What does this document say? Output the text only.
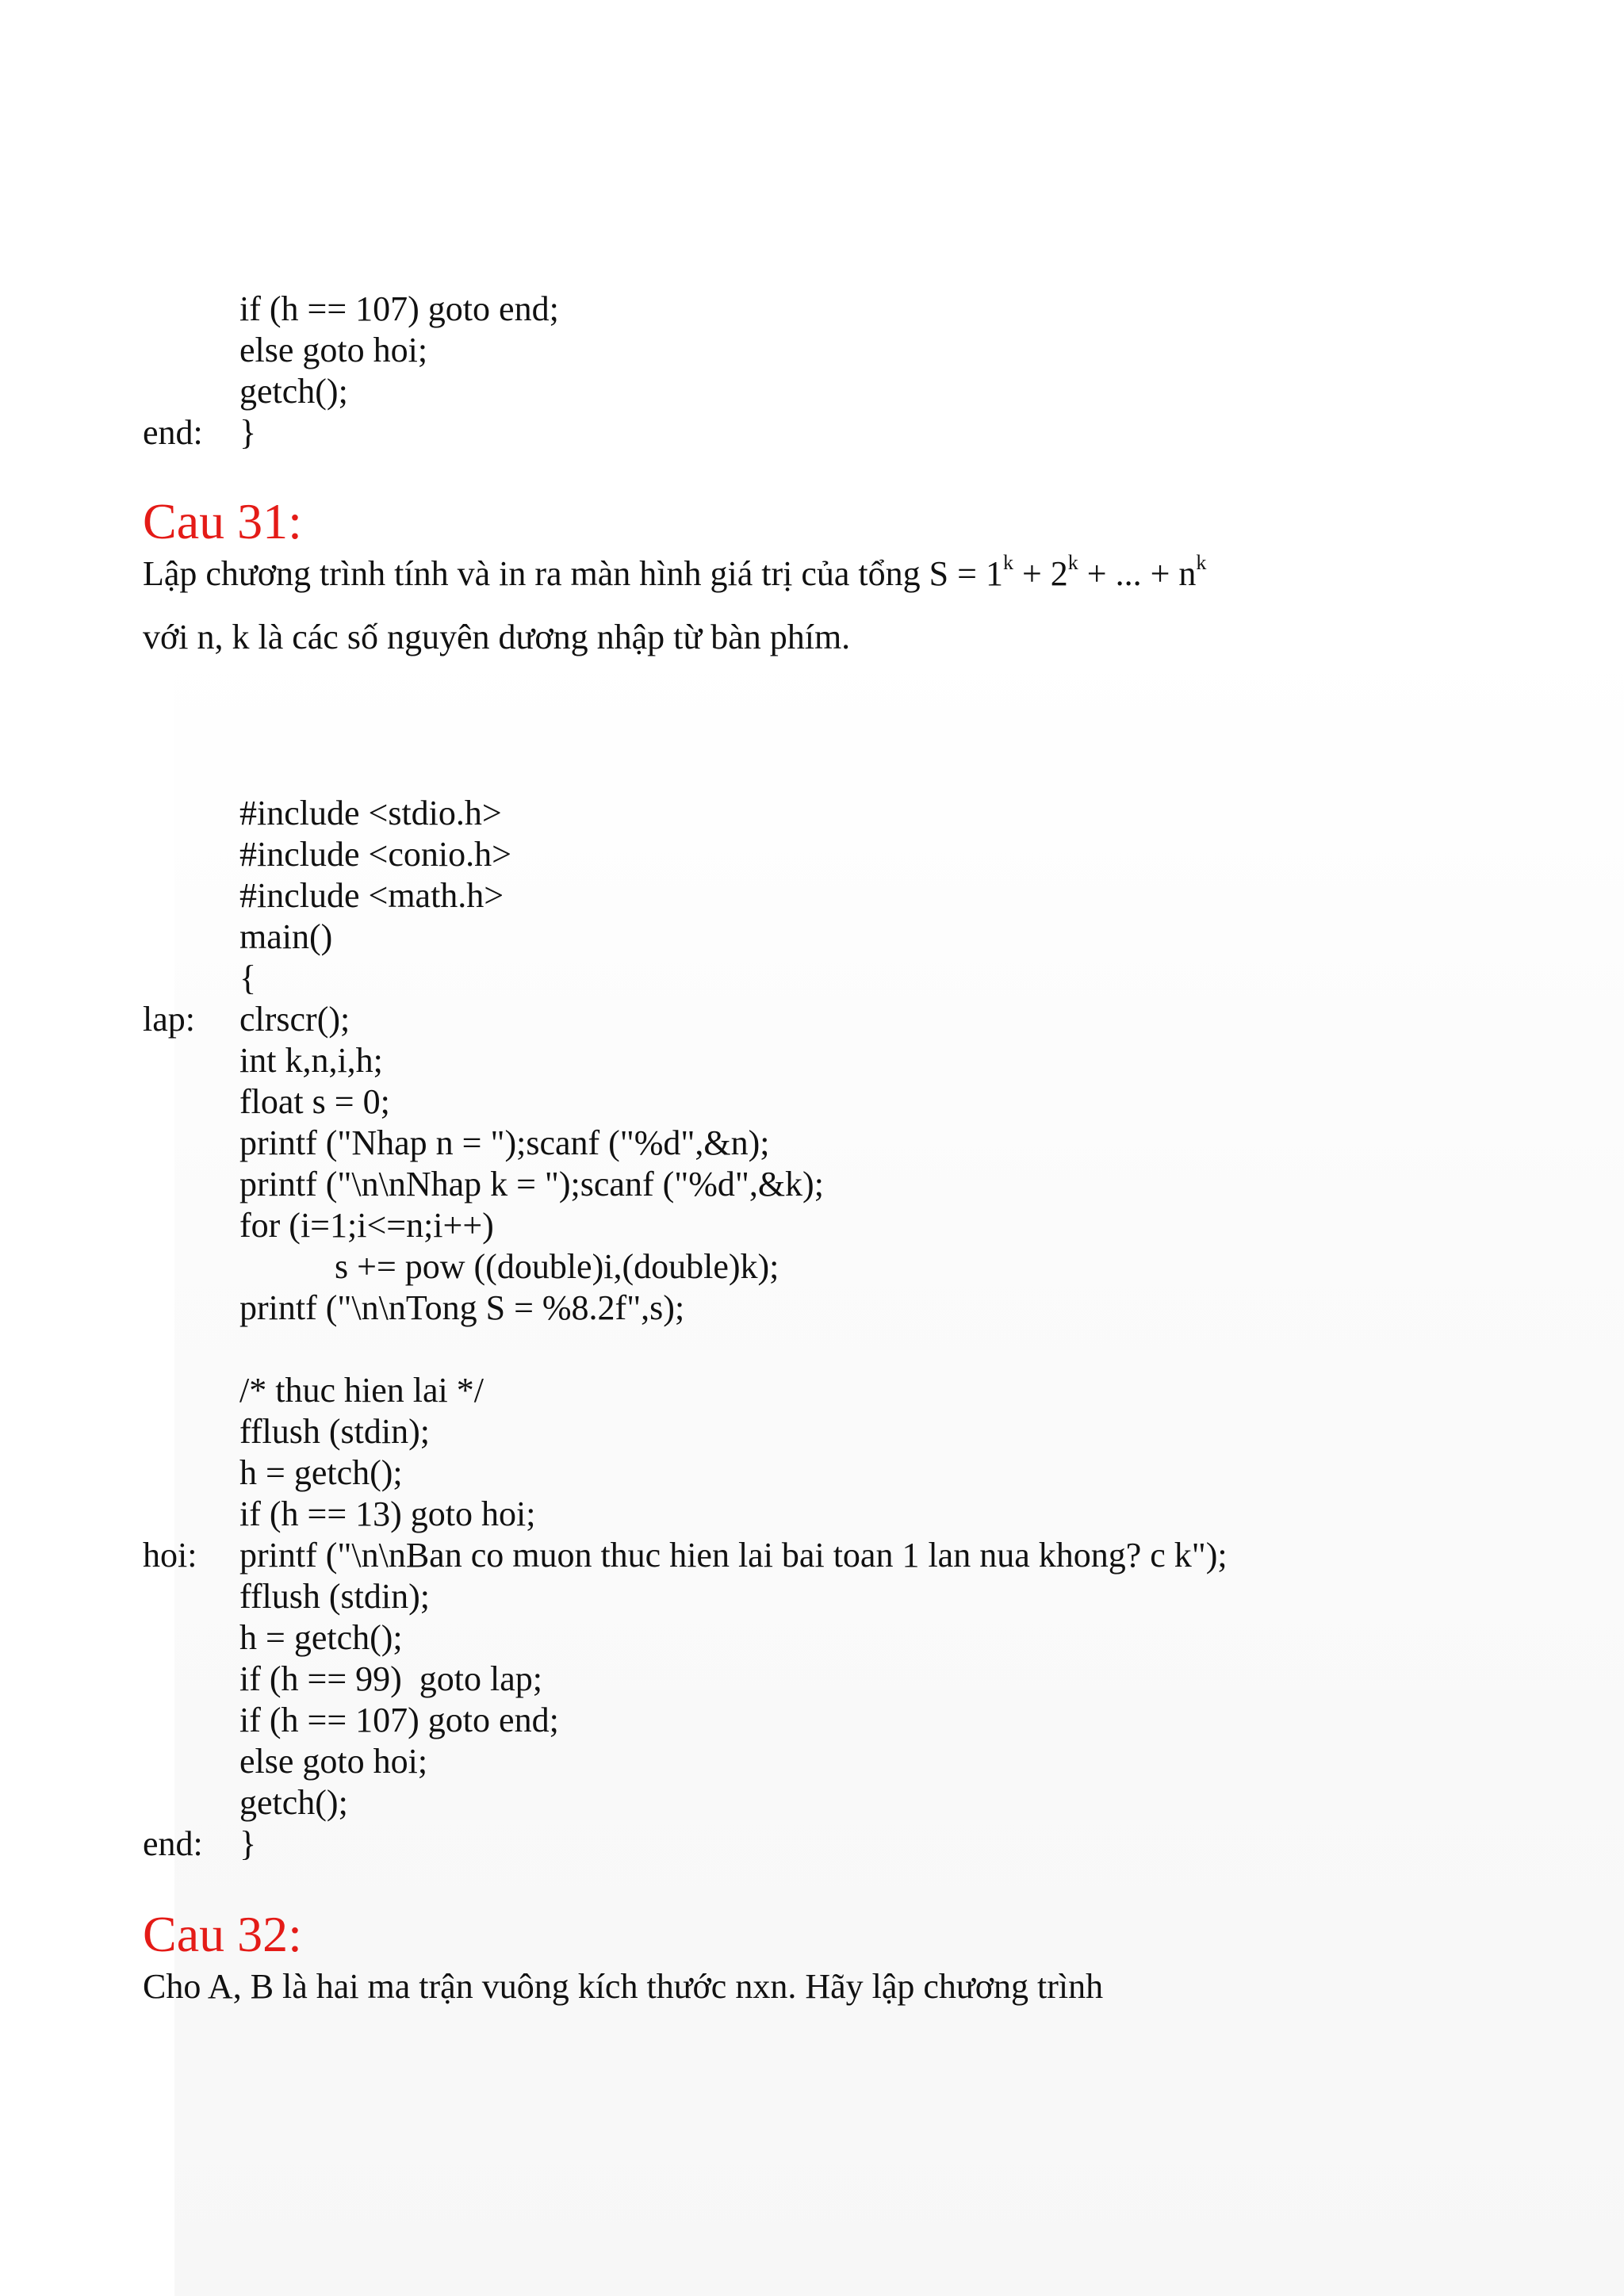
if (h == 107) goto end;
else goto hoi;
getch();
end: }
Cau 31:
Lập chương trình tính và in ra màn hình giá trị của tổng $S = 1^k + 2^k$ + ... + $n^k$
với n, k là các số nguyên dương nhập từ bàn phím.
#include <stdio.h>
#include <conio.h>
#include <math.h>
main()
{
lap: clrscr();
int k,n,i,h;
float s = 0;
printf ("Nhap n = ");scanf ("%d",&n);
printf ("\n\nNhap k = ");scanf ("%d",&k);
for (i=1;i<=n;i++)
s += pow ((double)i,(double)k);
printf ("\n\nTong S = %8.2f",s);
/* thuc hien lai */
fflush (stdin);
h = getch();
if (h == 13) goto hoi;
hoi: printf ("\n\nBan co muon thuc hien lai bai toan 1 lan nua khong? c k");
fflush (stdin);
h = getch();
if (h == 99)  goto lap;
if (h == 107) goto end;
else goto hoi;
getch();
end: }
Cau 32:
Cho A, B là hai ma trận vuông kích thước nxn. Hãy lập chương trình
